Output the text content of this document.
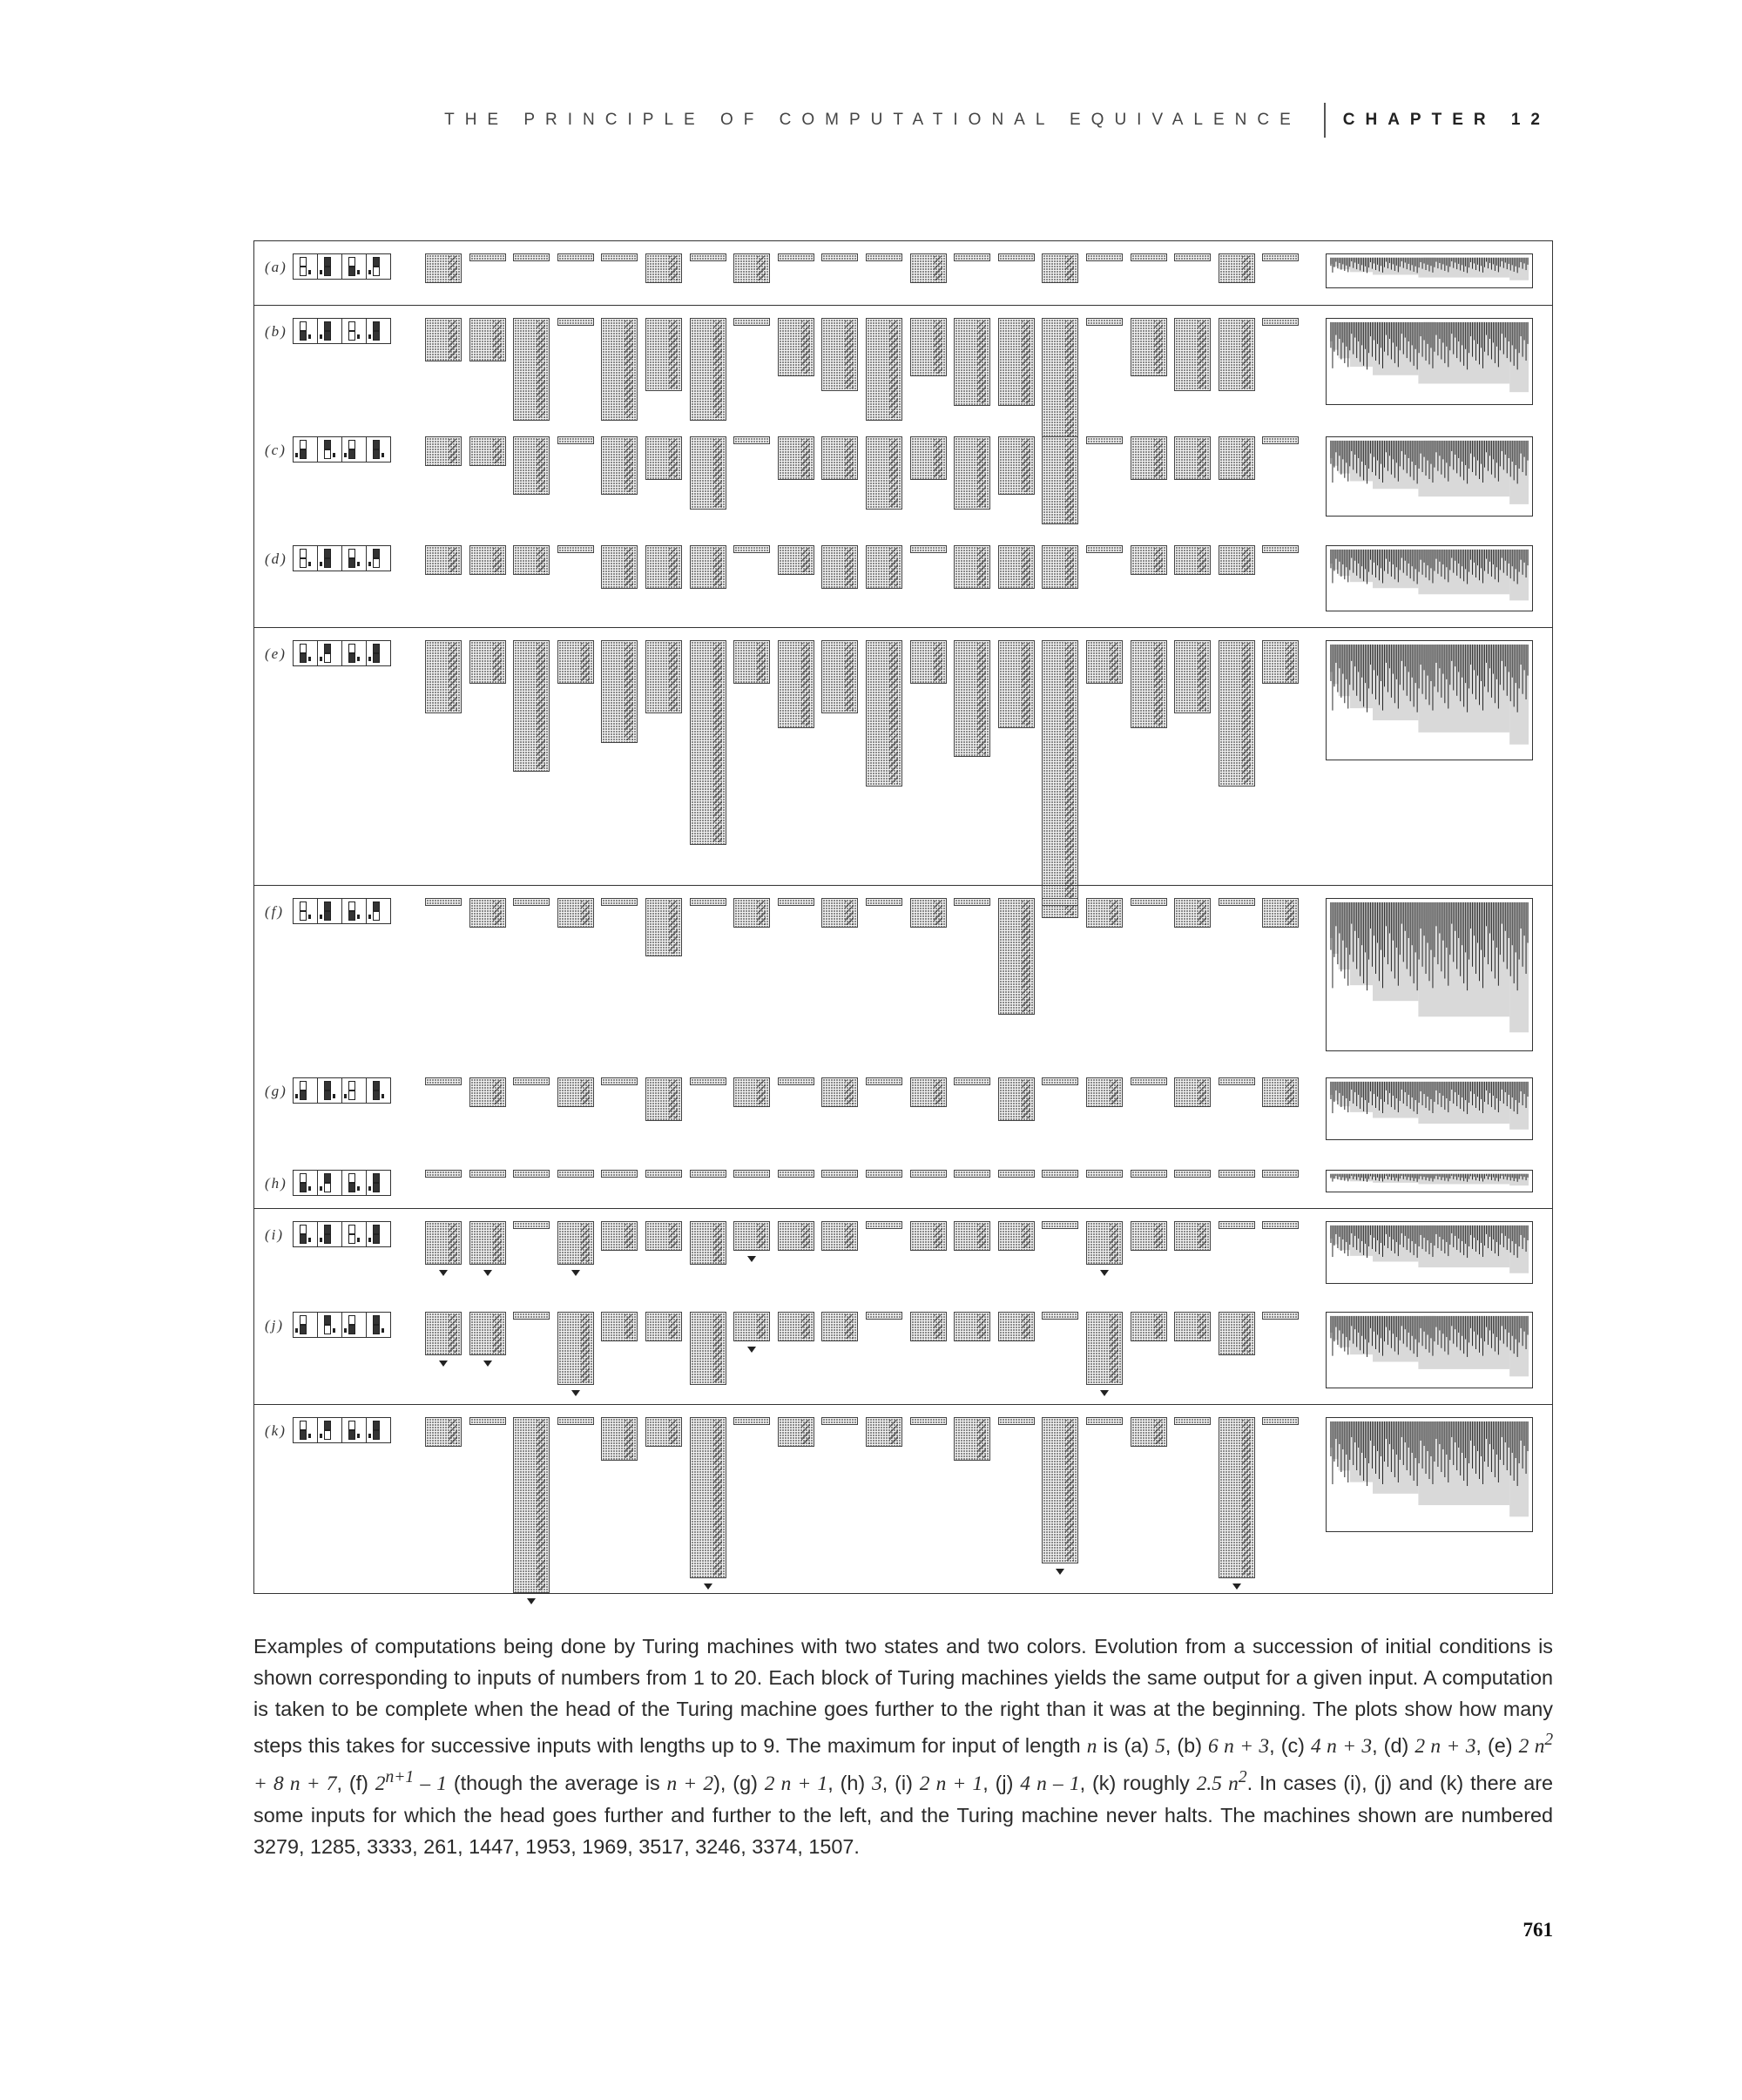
THE PRINCIPLE OF COMPUTATIONAL EQUIVALENCE	CHAPTER 12
(a)
(b)
(c)
(d)
(e)
(f)
(g)
(h)
(i)
(j)
(k)

Examples of computations being done by Turing machines with two states and two colors. Evolution from a succession of initial conditions is shown corresponding to inputs of numbers from 1 to 20. Each block of Turing machines yields the same output for a given input. A computation is taken to be complete when the head of the Turing machine goes further to the right than it was at the beginning. The plots show how many steps this takes for successive inputs with lengths up to 9. The maximum for input of length n is (a) 5, (b) 6 n + 3, (c) 4 n + 3, (d) 2 n + 3, (e) 2 $n^2 + 8$ n + 7, (f) $2^{n+1} - 1$ (though the average is n + 2), (g) 2 n + 1, (h) 3, (i) 2 n + 1, (j) 4 n – 1, (k) roughly 2.5 $n^2$. In cases (i), (j) and (k) there are some inputs for which the head goes further and further to the left, and the Turing machine never halts. The machines shown are numbered 3279, 1285, 3333, 261, 1447, 1953, 1969, 3517, 3246, 3374, 1507.

761
